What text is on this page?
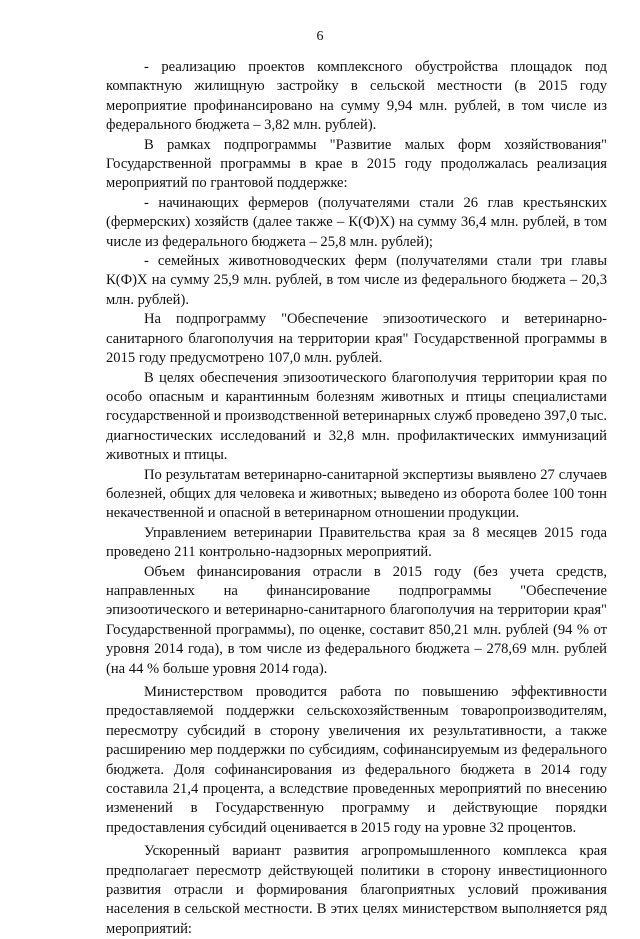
6

- реализацию проектов комплексного обустройства площадок под компактную жилищную застройку в сельской местности (в 2015 году мероприятие профинансировано на сумму 9,94 млн. рублей, в том числе из федерального бюджета – 3,82 млн. рублей).

В рамках подпрограммы "Развитие малых форм хозяйствования" Государственной программы в крае в 2015 году продолжалась реализация мероприятий по грантовой поддержке:

- начинающих фермеров (получателями стали 26 глав крестьянских (фермерских) хозяйств (далее также – К(Ф)Х) на сумму 36,4 млн. рублей, в том числе из федерального бюджета – 25,8 млн. рублей);

- семейных животноводческих ферм (получателями стали три главы К(Ф)Х на сумму 25,9 млн. рублей, в том числе из федерального бюджета – 20,3 млн. рублей).

На подпрограмму "Обеспечение эпизоотического и ветеринарно-санитарного благополучия на территории края" Государственной программы в 2015 году предусмотрено 107,0 млн. рублей.

В целях обеспечения эпизоотического благополучия территории края по особо опасным и карантинным болезням животных и птицы специалистами государственной и производственной ветеринарных служб проведено 397,0 тыс. диагностических исследований и 32,8 млн. профилактических иммунизаций животных и птицы.

По результатам ветеринарно-санитарной экспертизы выявлено 27 случаев болезней, общих для человека и животных; выведено из оборота более 100 тонн некачественной и опасной в ветеринарном отношении продукции.

Управлением ветеринарии Правительства края за 8 месяцев 2015 года проведено 211 контрольно-надзорных мероприятий.

Объем финансирования отрасли в 2015 году (без учета средств, направленных на финансирование подпрограммы "Обеспечение эпизоотического и ветеринарно-санитарного благополучия на территории края" Государственной программы), по оценке, составит 850,21 млн. рублей (94 % от уровня 2014 года), в том числе из федерального бюджета – 278,69 млн. рублей (на 44 % больше уровня 2014 года).

Министерством проводится работа по повышению эффективности предоставляемой поддержки сельскохозяйственным товаропроизводителям, пересмотру субсидий в сторону увеличения их результативности, а также расширению мер поддержки по субсидиям, софинансируемым из федерального бюджета. Доля софинансирования из федерального бюджета в 2014 году составила 21,4 процента, а вследствие проведенных мероприятий по внесению изменений в Государственную программу и действующие порядки предоставления субсидий оценивается в 2015 году на уровне 32 процентов.

Ускоренный вариант развития агропромышленного комплекса края предполагает пересмотр действующей политики в сторону инвестиционного развития отрасли и формирования благоприятных условий проживания населения в сельской местности. В этих целях министерством выполняется ряд мероприятий:
